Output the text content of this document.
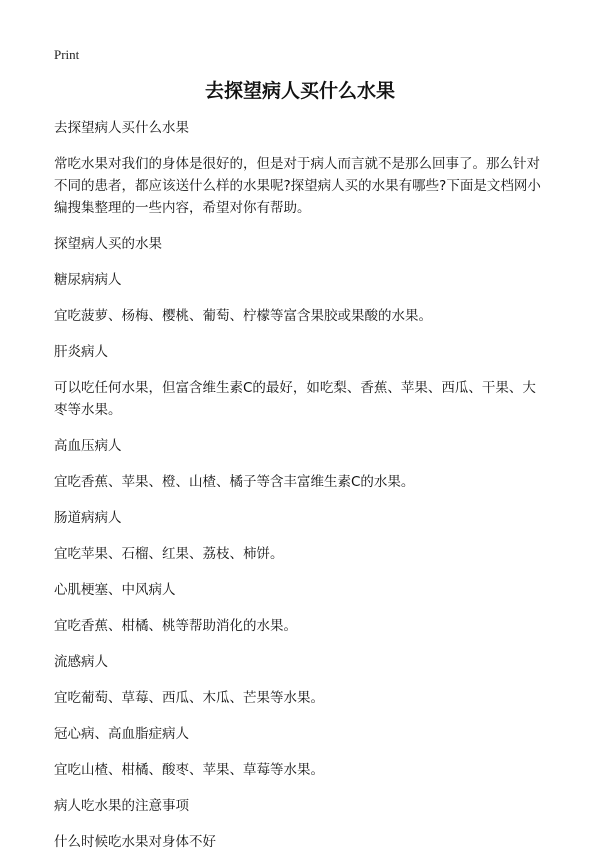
Print
去探望病人买什么水果

去探望病人买什么水果

常吃水果对我们的身体是很好的，但是对于病人而言就不是那么回事了。那么针对不同的患者，都应该送什么样的水果呢?探望病人买的水果有哪些?下面是文档网小编搜集整理的一些内容，希望对你有帮助。

探望病人买的水果

糖尿病病人

宜吃菠萝、杨梅、樱桃、葡萄、柠檬等富含果胶或果酸的水果。

肝炎病人

可以吃任何水果，但富含维生素C的最好，如吃梨、香蕉、苹果、西瓜、干果、大枣等水果。

高血压病人

宜吃香蕉、苹果、橙、山楂、橘子等含丰富维生素C的水果。

肠道病病人

宜吃苹果、石榴、红果、荔枝、柿饼。

心肌梗塞、中风病人

宜吃香蕉、柑橘、桃等帮助消化的水果。

流感病人

宜吃葡萄、草莓、西瓜、木瓜、芒果等水果。

冠心病、高血脂症病人

宜吃山楂、柑橘、酸枣、苹果、草莓等水果。

病人吃水果的注意事项

什么时候吃水果对身体不好
